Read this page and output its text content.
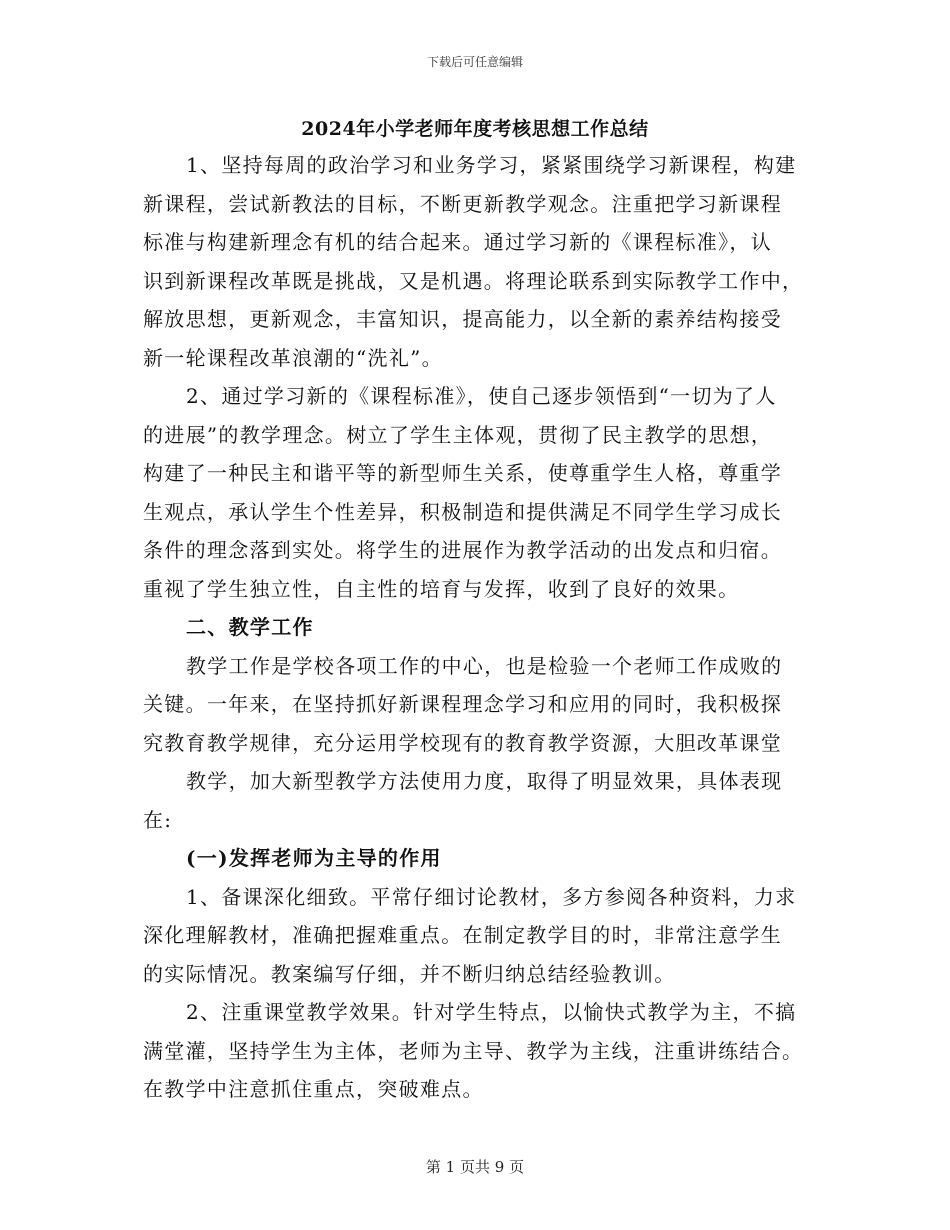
下载后可任意编辑
2024年小学老师年度考核思想工作总结
1、坚持每周的政治学习和业务学习，紧紧围绕学习新课程，构建
新课程，尝试新教法的目标，不断更新教学观念。注重把学习新课程
标准与构建新理念有机的结合起来。通过学习新的《课程标准》，认
识到新课程改革既是挑战，又是机遇。将理论联系到实际教学工作中，
解放思想，更新观念，丰富知识，提高能力，以全新的素养结构接受
新一轮课程改革浪潮的“洗礼”。
2、通过学习新的《课程标准》，使自己逐步领悟到“一切为了人
的进展”的教学理念。树立了学生主体观，贯彻了民主教学的思想，
构建了一种民主和谐平等的新型师生关系，使尊重学生人格，尊重学
生观点，承认学生个性差异，积极制造和提供满足不同学生学习成长
条件的理念落到实处。将学生的进展作为教学活动的出发点和归宿。
重视了学生独立性，自主性的培育与发挥，收到了良好的效果。
二、教学工作
教学工作是学校各项工作的中心，也是检验一个老师工作成败的
关键。一年来，在坚持抓好新课程理念学习和应用的同时，我积极探
究教育教学规律，充分运用学校现有的教育教学资源，大胆改革课堂
教学，加大新型教学方法使用力度，取得了明显效果，具体表现
在:
(一)发挥老师为主导的作用
1、备课深化细致。平常仔细讨论教材，多方参阅各种资料，力求
深化理解教材，准确把握难重点。在制定教学目的时，非常注意学生
的实际情况。教案编写仔细，并不断归纳总结经验教训。
2、注重课堂教学效果。针对学生特点，以愉快式教学为主，不搞
满堂灌，坚持学生为主体，老师为主导、教学为主线，注重讲练结合。
在教学中注意抓住重点，突破难点。
第 1 页共 9 页
